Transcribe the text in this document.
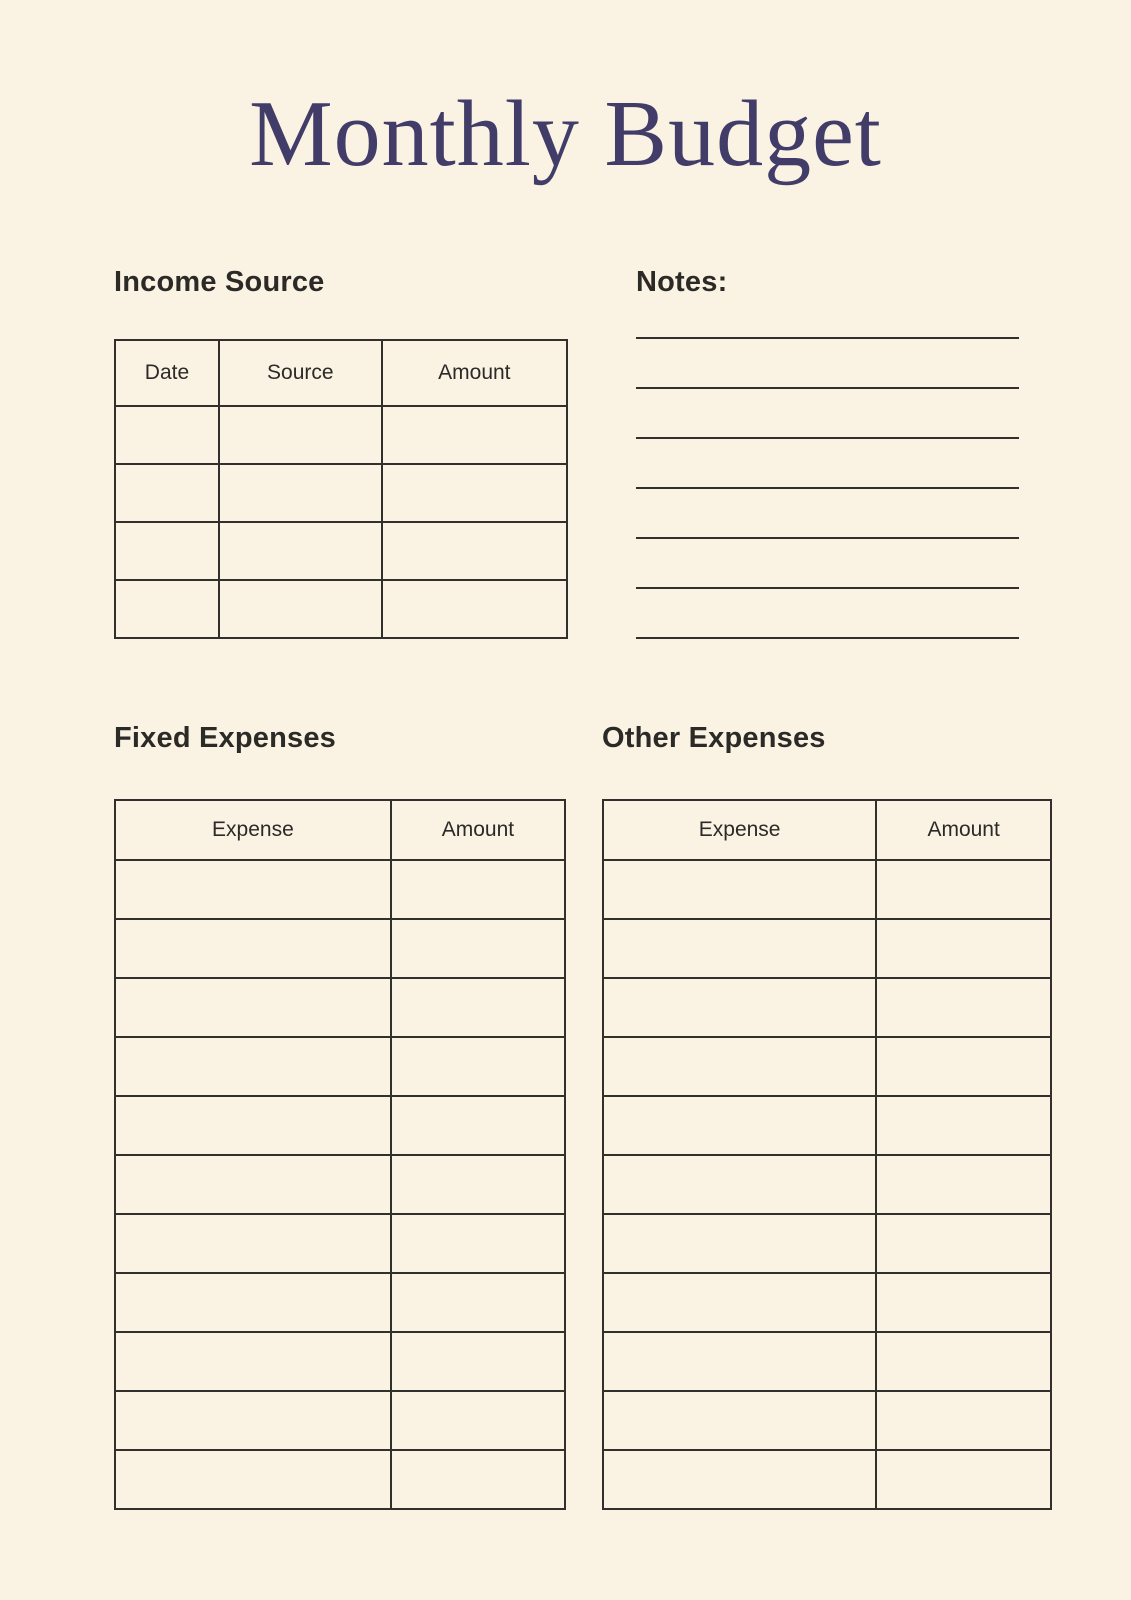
Monthly Budget
Income Source
Date	Source	Amount

Notes:
Fixed Expenses
Expense	Amount

Other Expenses
Expense	Amount
